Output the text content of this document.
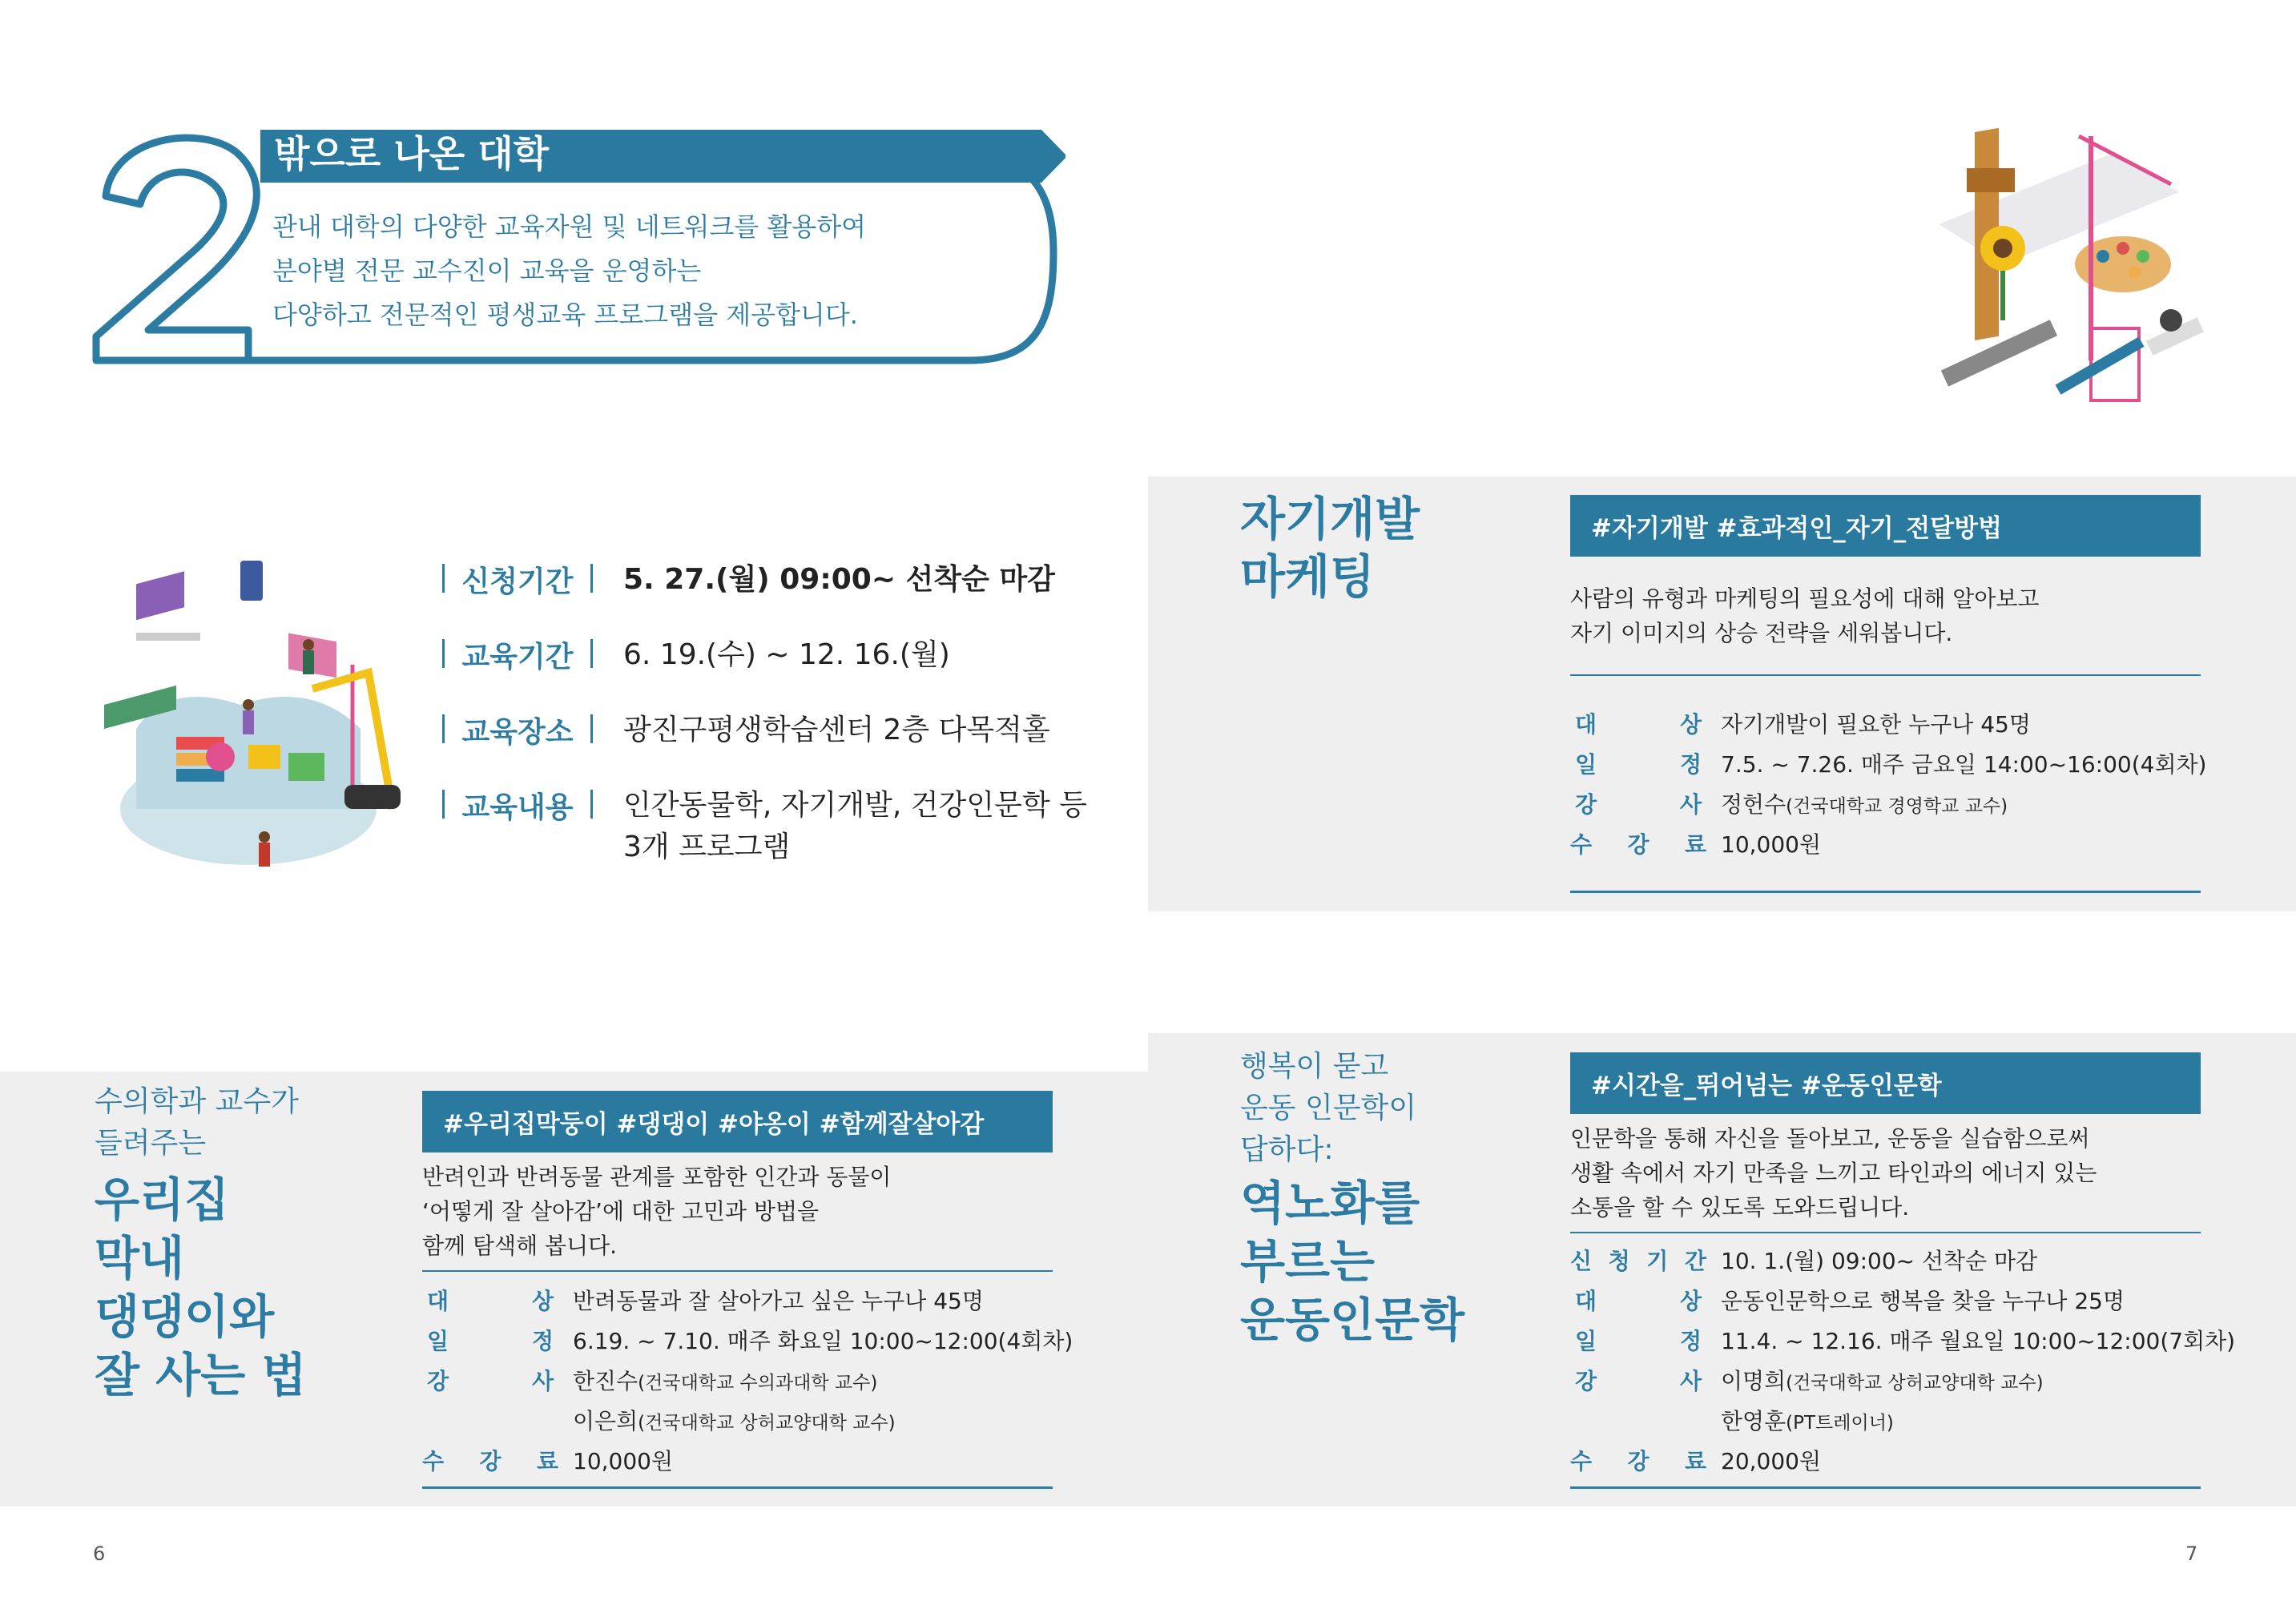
밖으로 나온 대학
관내 대학의 다양한 교육자원 및 네트워크를 활용하여
분야별 전문 교수진이 교육을 운영하는
다양하고 전문적인 평생교육 프로그램을 제공합니다.
신청기간	5. 27.(월) 09:00~ 선착순 마감
교육기간	6. 19.(수) ~ 12. 16.(월)
교육장소	광진구평생학습센터 2층 다목적홀
교육내용	인간동물학, 자기개발, 건강인문학 등
3개 프로그램
자기개발
마케팅
#자기개발 #효과적인_자기_전달방법
사람의 유형과 마케팅의 필요성에 대해 알아보고
자기 이미지의 상승 전략을 세워봅니다.
대	상 자기개발이 필요한 누구나 45명
일	정 7.5. ~ 7.26. 매주 금요일 14:00~16:00(4회차)
강	사 정헌수(건국대학교 경영학교 교수)
수 강 료 10,000원
수의학과 교수가
들려주는
우리집
막내
댕댕이와
잘 사는 법
#우리집막둥이 #댕댕이 #야옹이 #함께잘살아감
반려인과 반려동물 관계를 포함한 인간과 동물이
‘어떻게 잘 살아감’에 대한 고민과 방법을
함께 탐색해 봅니다.
대	상 반려동물과 잘 살아가고 싶은 누구나 45명
일	정 6.19. ~ 7.10. 매주 화요일 10:00~12:00(4회차)
강	사 한진수(건국대학교 수의과대학 교수)
이은희(건국대학교 상허교양대학 교수)
수 강 료 10,000원
행복이 묻고
운동 인문학이
답하다:
역노화를
부르는
운동인문학
#시간을_뛰어넘는 #운동인문학
인문학을 통해 자신을 돌아보고, 운동을 실습함으로써
생활 속에서 자기 만족을 느끼고 타인과의 에너지 있는
소통을 할 수 있도록 도와드립니다.
신 청 기 간 10. 1.(월) 09:00~ 선착순 마감
대	상 운동인문학으로 행복을 찾을 누구나 25명
일	정 11.4. ~ 12.16. 매주 월요일 10:00~12:00(7회차)
강	사 이명희(건국대학교 상허교양대학 교수)
한영훈(PT트레이너)
수 강 료 20,000원
6	7
